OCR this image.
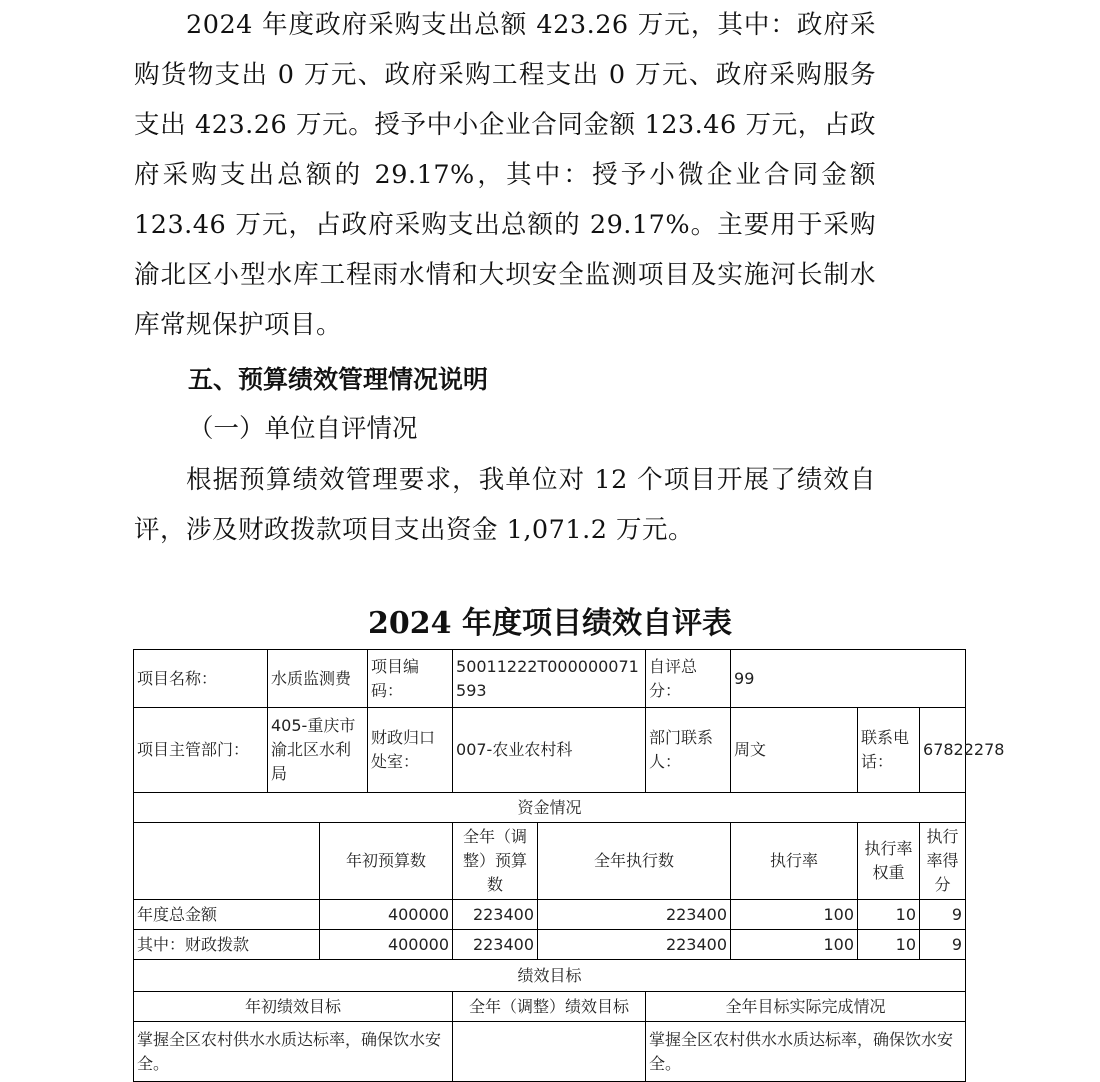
2024 年度政府采购支出总额 423.26 万元，其中：政府采购货物支出 0 万元、政府采购工程支出 0 万元、政府采购服务支出 423.26 万元。授予中小企业合同金额 123.46 万元，占政府采购支出总额的 29.17%，其中：授予小微企业合同金额 123.46 万元，占政府采购支出总额的 29.17%。主要用于采购渝北区小型水库工程雨水情和大坝安全监测项目及实施河长制水库常规保护项目。
五、预算绩效管理情况说明
（一）单位自评情况
根据预算绩效管理要求，我单位对 12 个项目开展了绩效自评，涉及财政拨款项目支出资金 1,071.2 万元。
2024 年度项目绩效自评表
项目名称：	水质监测费		项目编码：	50011222T000000071593		自评总分：	99		
项目主管部门：	405-重庆市渝北区水利局		财政归口处室：	007-农业农村科		部门联系人：	周文	联系电话：	67822278
资金情况									
		年初预算数		全年（调整）预算数	全年执行数		执行率	执行率权重	执行率得分
年度总金额		400000		223400	223400		100	10	9
其中：财政拨款		400000		223400	223400		100	10	9
绩效目标									
年初绩效目标				全年（调整）绩效目标		全年目标实际完成情况			
掌握全区农村供水水质达标率，确保饮水安全。						掌握全区农村供水水质达标率，确保饮水安全。			
